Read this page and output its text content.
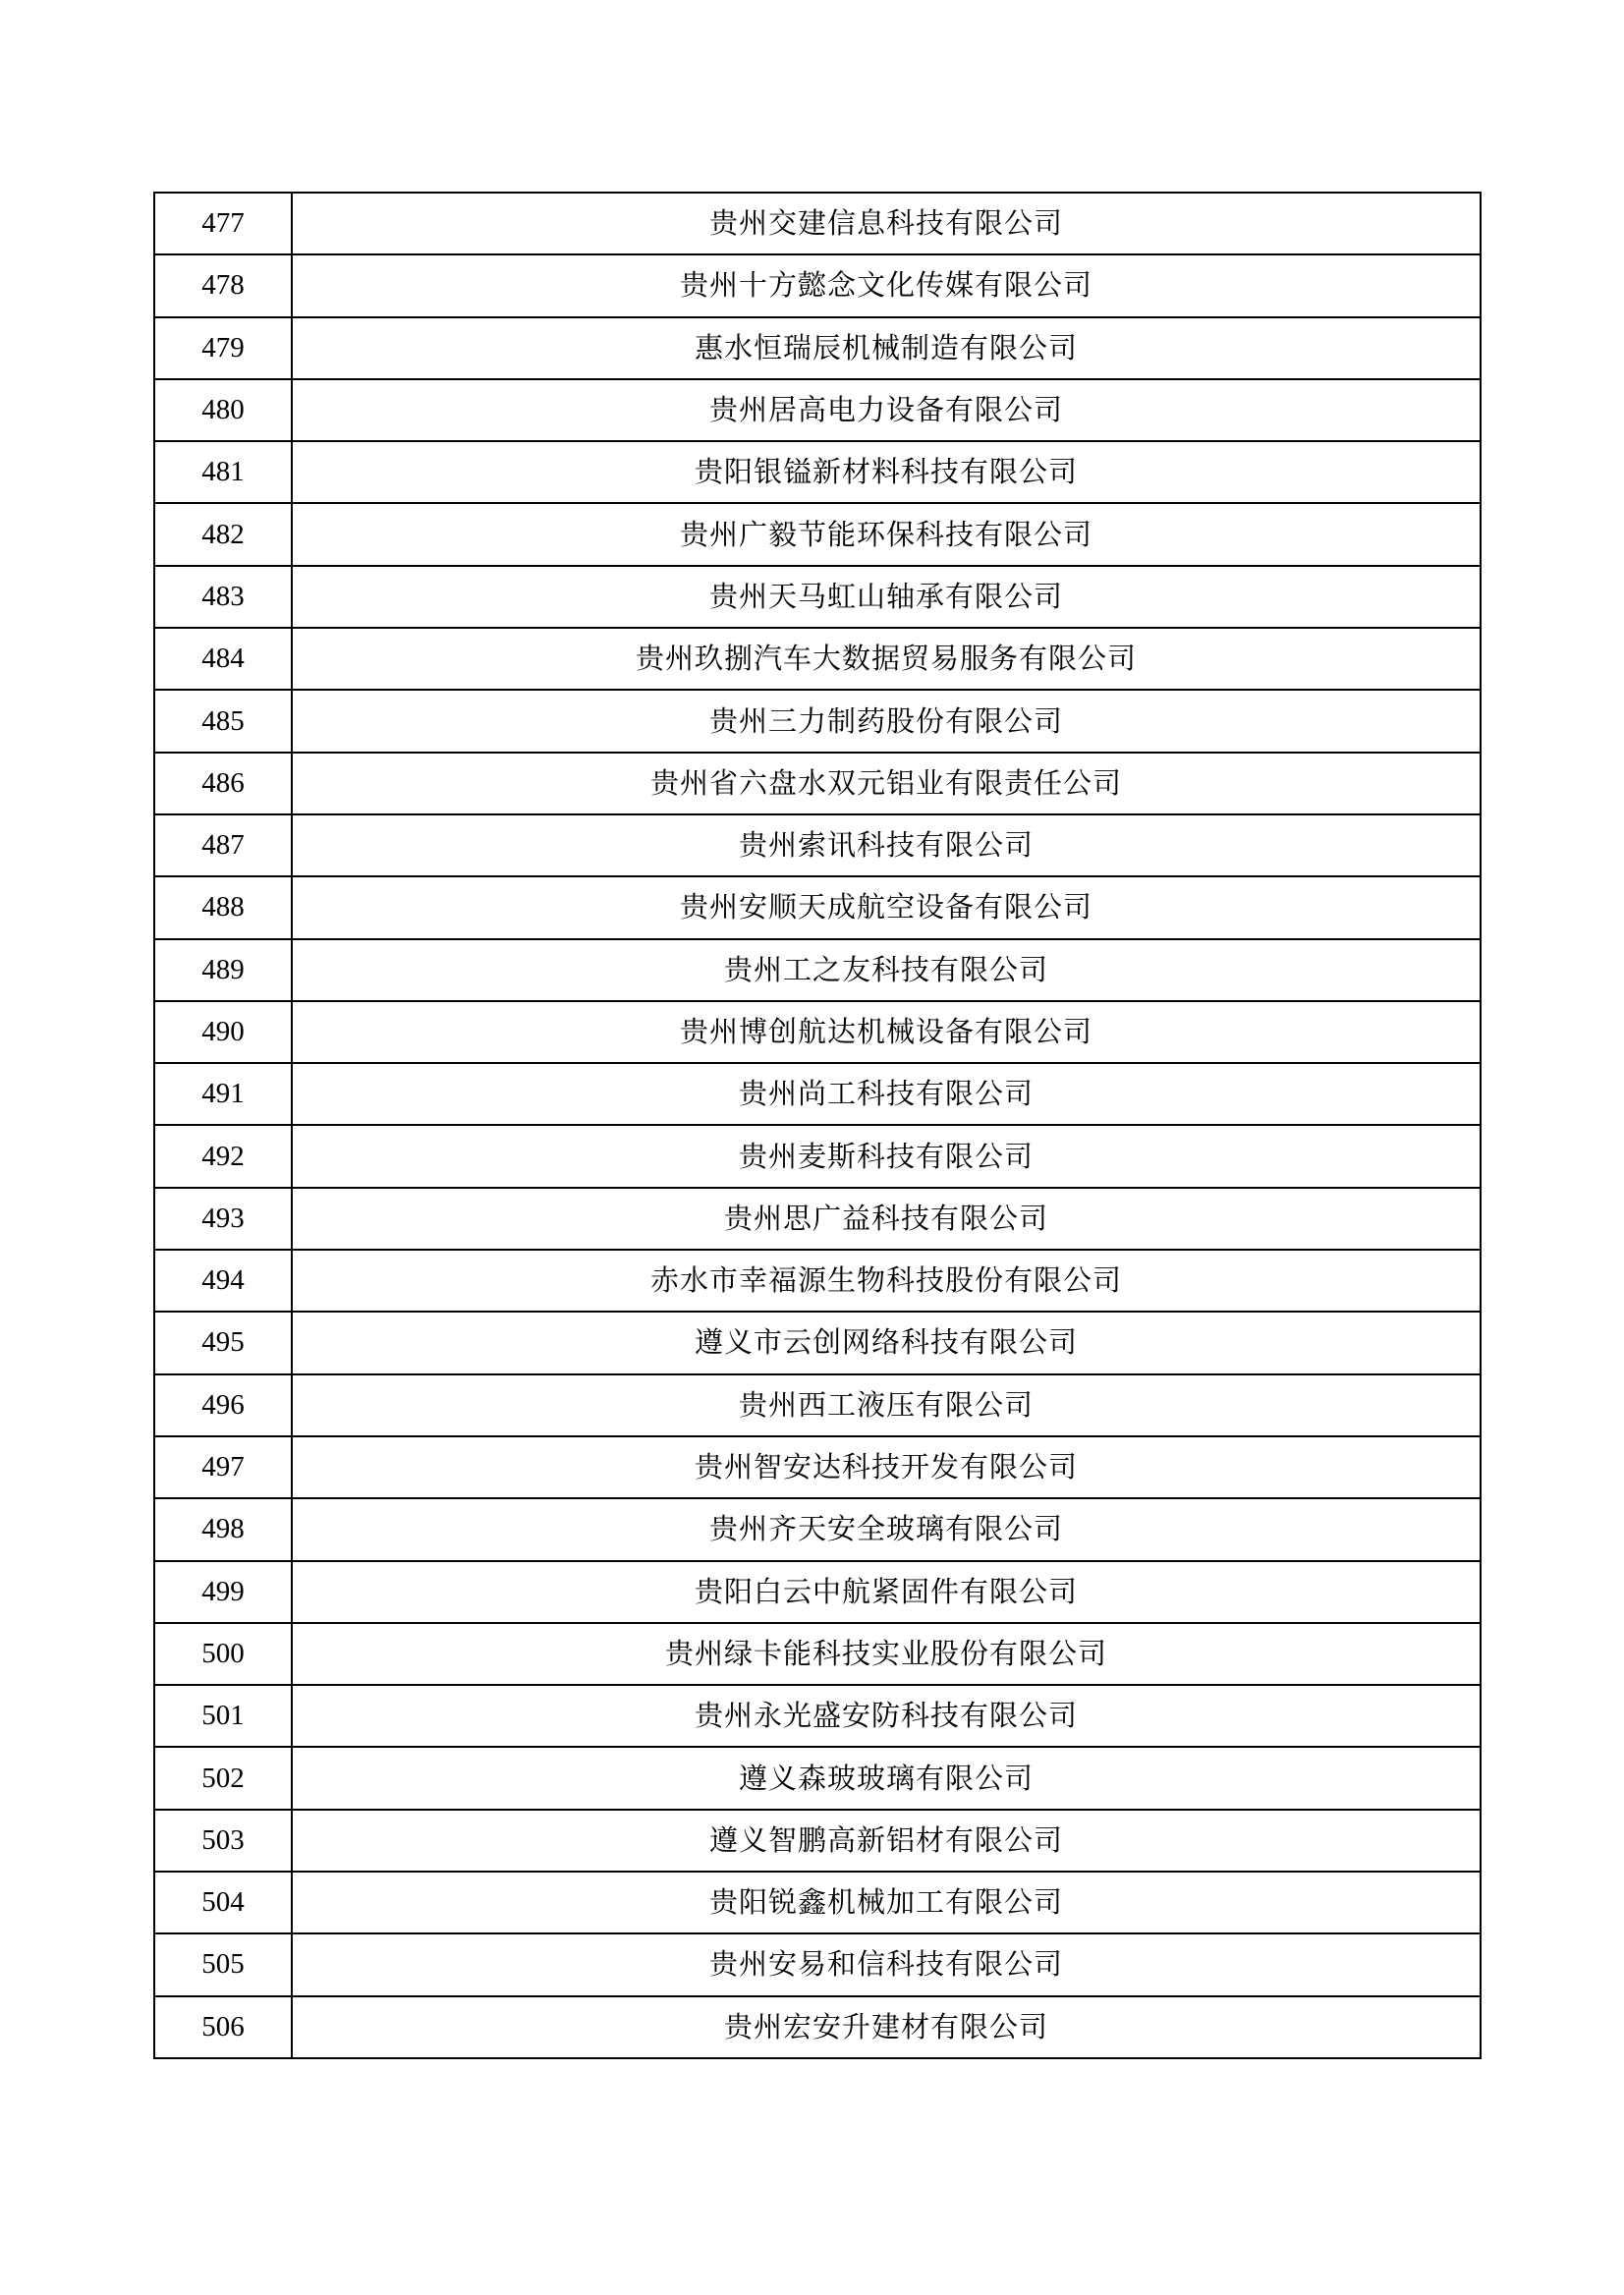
477	贵州交建信息科技有限公司
478	贵州十方懿念文化传媒有限公司
479	惠水恒瑞辰机械制造有限公司
480	贵州居高电力设备有限公司
481	贵阳银镒新材料科技有限公司
482	贵州广毅节能环保科技有限公司
483	贵州天马虹山轴承有限公司
484	贵州玖捌汽车大数据贸易服务有限公司
485	贵州三力制药股份有限公司
486	贵州省六盘水双元铝业有限责任公司
487	贵州索讯科技有限公司
488	贵州安顺天成航空设备有限公司
489	贵州工之友科技有限公司
490	贵州博创航达机械设备有限公司
491	贵州尚工科技有限公司
492	贵州麦斯科技有限公司
493	贵州思广益科技有限公司
494	赤水市幸福源生物科技股份有限公司
495	遵义市云创网络科技有限公司
496	贵州西工液压有限公司
497	贵州智安达科技开发有限公司
498	贵州齐天安全玻璃有限公司
499	贵阳白云中航紧固件有限公司
500	贵州绿卡能科技实业股份有限公司
501	贵州永光盛安防科技有限公司
502	遵义森玻玻璃有限公司
503	遵义智鹏高新铝材有限公司
504	贵阳锐鑫机械加工有限公司
505	贵州安易和信科技有限公司
506	贵州宏安升建材有限公司
